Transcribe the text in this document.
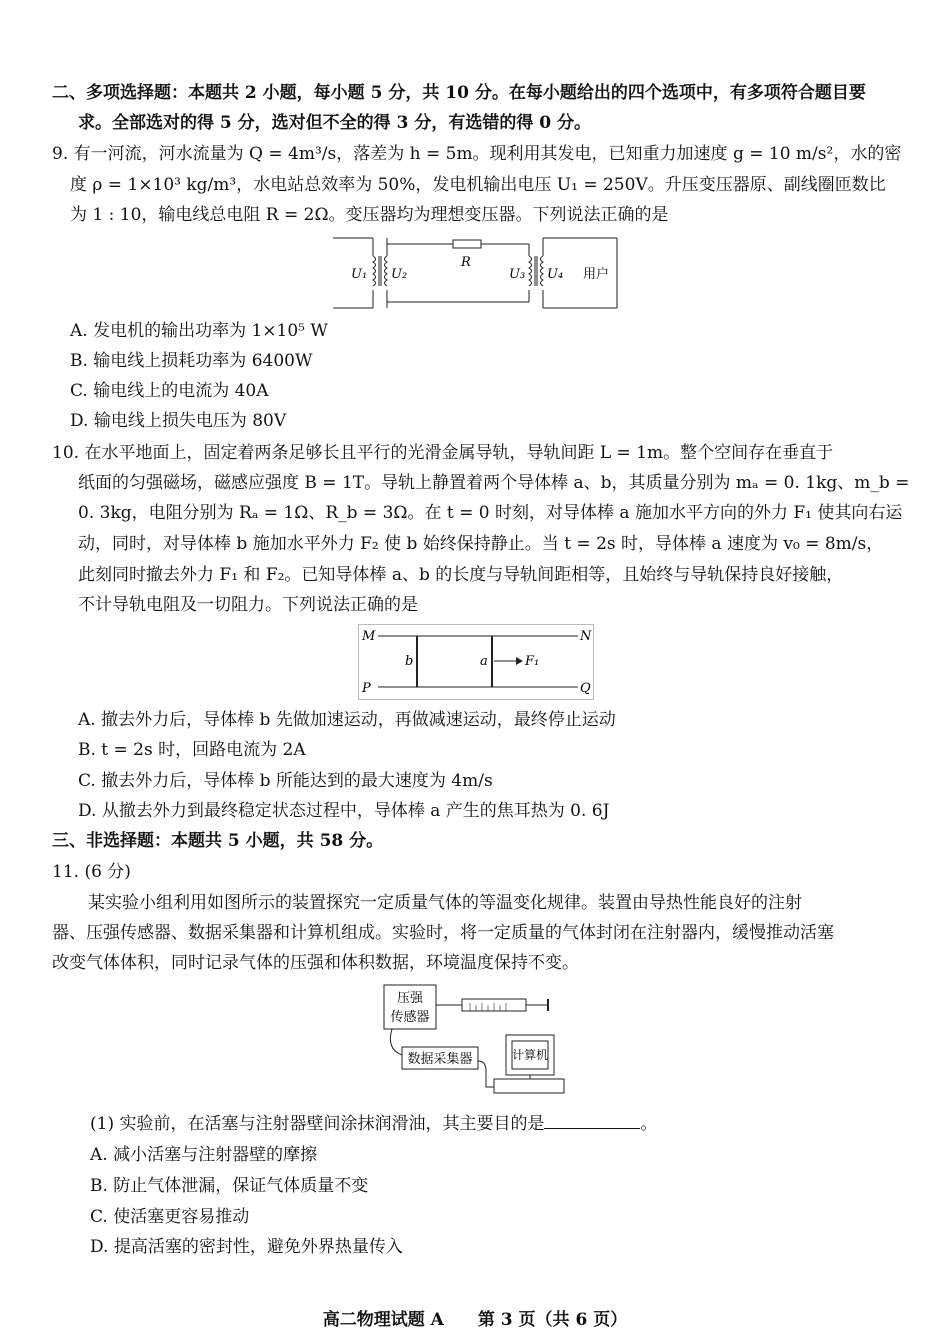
二、多项选择题：本题共 2 小题，每小题 5 分，共 10 分。在每小题给出的四个选项中，有多项符合题目要
求。全部选对的得 5 分，选对但不全的得 3 分，有选错的得 0 分。
9. 有一河流，河水流量为 Q = 4m³/s，落差为 h = 5m。现利用其发电，已知重力加速度 g = 10 m/s²，水的密
度 ρ = 1×10³ kg/m³，水电站总效率为 50%，发电机输出电压 U₁ = 250V。升压变压器原、副线圈匝数比
为 1 : 10，输电线总电阻 R = 2Ω。变压器均为理想变压器。下列说法正确的是
U₁ U₂
R
U₃ U₄ 用户
A. 发电机的输出功率为 1×10⁵ W
B. 输电线上损耗功率为 6400W
C. 输电线上的电流为 40A
D. 输电线上损失电压为 80V
10. 在水平地面上，固定着两条足够长且平行的光滑金属导轨，导轨间距 L = 1m。整个空间存在垂直于
纸面的匀强磁场，磁感应强度 B = 1T。导轨上静置着两个导体棒 a、b，其质量分别为 mₐ = 0. 1kg、m_b =
0. 3kg，电阻分别为 Rₐ = 1Ω、R_b = 3Ω。在 t = 0 时刻，对导体棒 a 施加水平方向的外力 F₁ 使其向右运
动，同时，对导体棒 b 施加水平外力 F₂ 使 b 始终保持静止。当 t = 2s 时，导体棒 a 速度为 v₀ = 8m/s，
此刻同时撤去外力 F₁ 和 F₂。已知导体棒 a、b 的长度与导轨间距相等，且始终与导轨保持良好接触，
不计导轨电阻及一切阻力。下列说法正确的是
M	N
P	Q
b	a	F₁
A. 撤去外力后，导体棒 b 先做加速运动，再做减速运动，最终停止运动
B. t = 2s 时，回路电流为 2A
C. 撤去外力后，导体棒 b 所能达到的最大速度为 4m/s
D. 从撤去外力到最终稳定状态过程中，导体棒 a 产生的焦耳热为 0. 6J
三、非选择题：本题共 5 小题，共 58 分。
11. (6 分)
某实验小组利用如图所示的装置探究一定质量气体的等温变化规律。装置由导热性能良好的注射
器、压强传感器、数据采集器和计算机组成。实验时，将一定质量的气体封闭在注射器内，缓慢推动活塞
改变气体体积，同时记录气体的压强和体积数据，环境温度保持不变。
压强
传感器
数据采集器	计算机
(1) 实验前，在活塞与注射器壁间涂抹润滑油，其主要目的是	。
A. 减小活塞与注射器壁的摩擦
B. 防止气体泄漏，保证气体质量不变
C. 使活塞更容易推动
D. 提高活塞的密封性，避免外界热量传入
高二物理试题 A　　第 3 页（共 6 页）
